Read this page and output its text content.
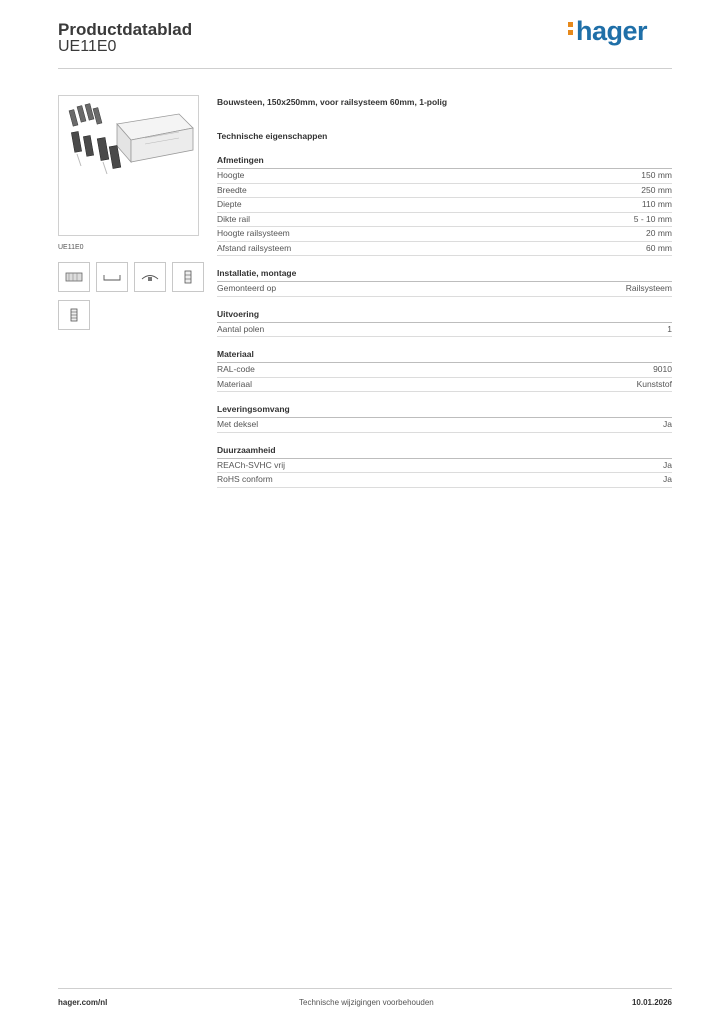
Productdatablad
UE11E0
hager
UE11E0
Bouwsteen, 150x250mm, voor railsysteem 60mm, 1-polig
Technische eigenschappen
Afmetingen
Hoogte	150 mm
Breedte	250 mm
Diepte	110 mm
Dikte rail	5 - 10 mm
Hoogte railsysteem	20 mm
Afstand railsysteem	60 mm
Installatie, montage
Gemonteerd op	Railsysteem
Uitvoering
Aantal polen	1
Materiaal
RAL-code	9010
Materiaal	Kunststof
Leveringsomvang
Met deksel	Ja
Duurzaamheid
REACh-SVHC vrij	Ja
RoHS conform	Ja
hager.com/nl	Technische wijzigingen voorbehouden	10.01.2026
